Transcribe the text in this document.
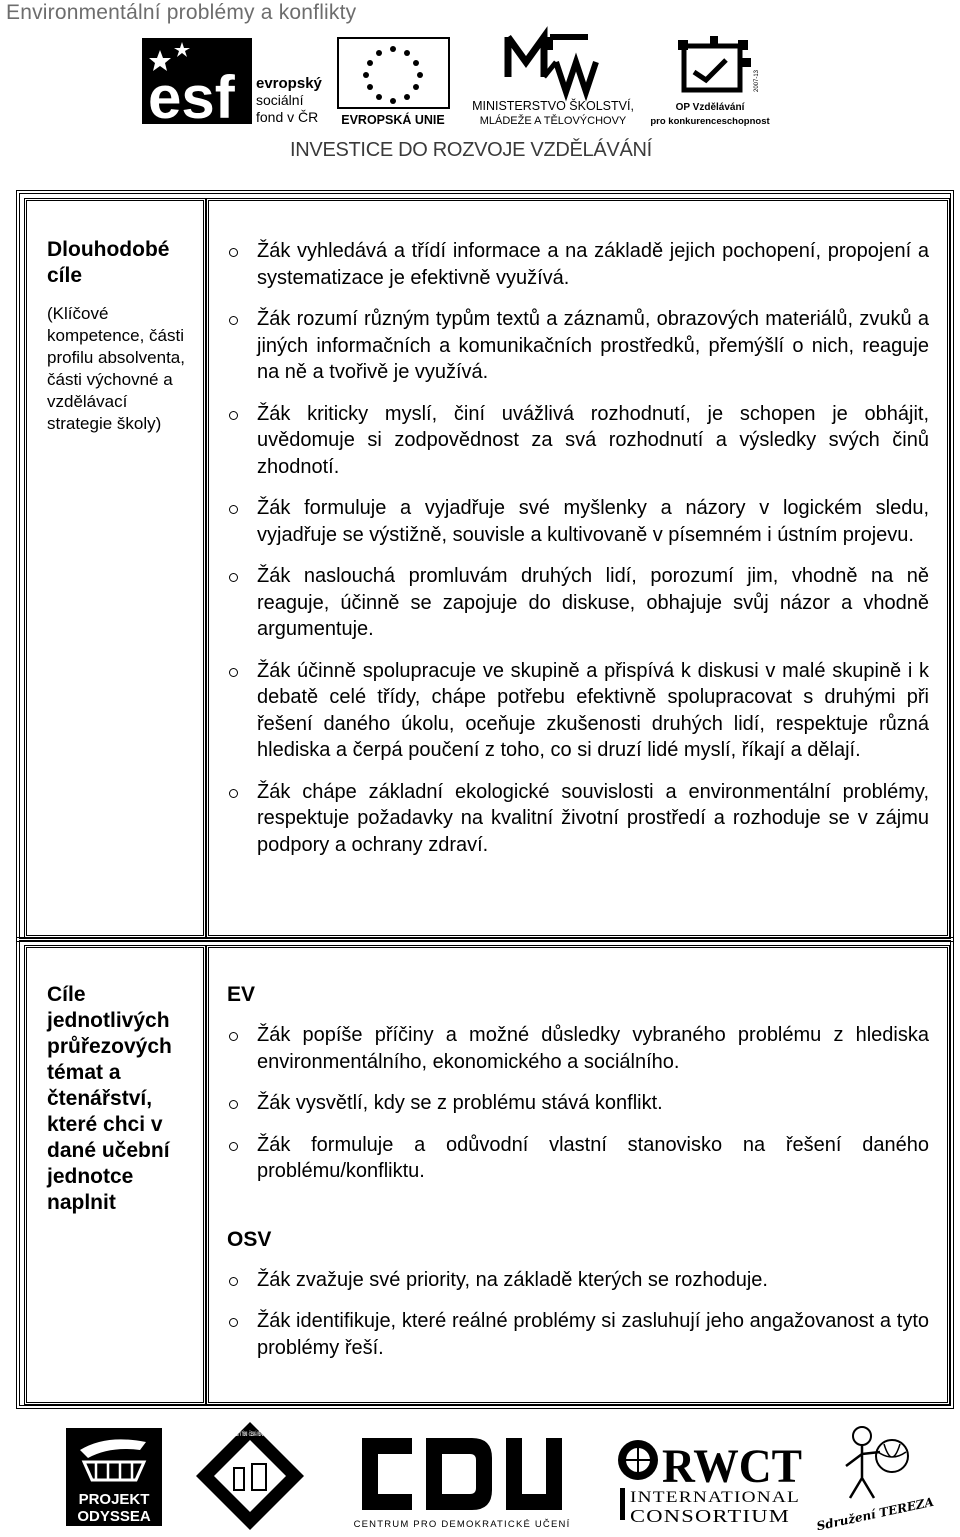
Environmentální problémy a konflikty
esf evropský
sociální
fond v ČR EVROPSKÁ UNIE
MINISTERSTVO ŠKOLSTVÍ,
MLÁDEŽE A TĚLOVÝCHOVY
2007-13
OP Vzdělávání
pro konkurenceschopnost
INVESTICE DO ROZVOJE VZDĚLÁVÁNÍ
Dlouhodobé cíle
(Klíčové kompetence, části profilu absolventa, části výchovné a vzdělávací strategie školy)
Žák vyhledává a třídí informace a na základě jejich pochopení, propojení a systematizace je efektivně využívá.
Žák rozumí různým typům textů a záznamů, obrazových materiálů, zvuků a jiných informačních a komunikačních prostředků, přemýšlí o nich, reaguje na ně a tvořivě je využívá.
Žák kriticky myslí, činí uvážlivá rozhodnutí, je schopen je obhájit, uvědomuje si zodpovědnost za svá rozhodnutí a výsledky svých činů zhodnotí.
Žák formuluje a vyjadřuje své myšlenky a názory v logickém sledu, vyjadřuje se výstižně, souvisle a kultivovaně v písemném i ústním projevu.
Žák naslouchá promluvám druhých lidí, porozumí jim, vhodně na ně reaguje, účinně se zapojuje do diskuse, obhajuje svůj názor a vhodně argumentuje.
Žák účinně spolupracuje ve skupině a přispívá k diskusi v malé skupině i k debatě celé třídy, chápe potřebu efektivně spolupracovat s druhými při řešení daného úkolu, oceňuje zkušenosti druhých lidí, respektuje různá hlediska a čerpá poučení z toho, co si druzí lidé myslí, říkají a dělají.
Žák chápe základní ekologické souvislosti a environmentální problémy, respektuje požadavky na kvalitní životní prostředí a rozhoduje se v zájmu podpory a ochrany zdraví.
Cíle jednotlivých průřezových témat a čtenářství, které chci v dané učební jednotce naplnit
EV
Žák popíše příčiny a možné důsledky vybraného problému z hlediska environmentálního, ekonomického a sociálního.
Žák vysvětlí, kdy se z problému stává konflikt.
Žák formuluje a odůvodní vlastní stanovisko na řešení daného problému/konfliktu.
OSV
Žák zvažuje své priority, na základě kterých se rozhoduje.
Žák identifikuje, které reálné problémy si zasluhují jeho angažovanost a tyto problémy řeší.
PROJEKT
ODYSSEA
ČLOVĚK V TÍSNI · ČESKÁ REPUBLIKA
CENTRUM PRO DEMOKRATICKÉ UČENÍ
RWCT
INTERNATIONAL
CONSORTIUM Sdružení TEREZA
